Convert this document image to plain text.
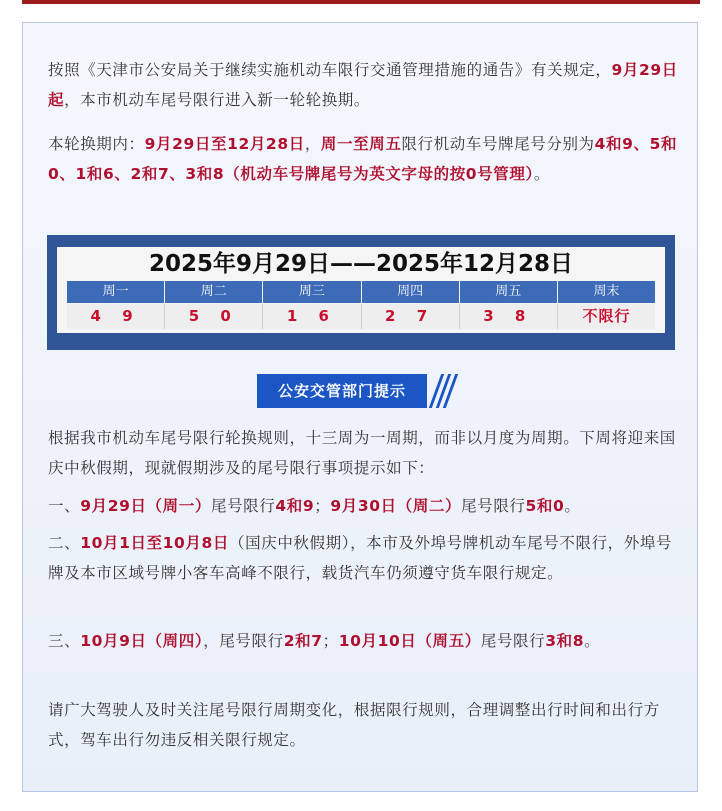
按照《天津市公安局关于继续实施机动车限行交通管理措施的通告》有关规定，9月29日起，本市机动车尾号限行进入新一轮轮换期。

本轮换期内：9月29日至12月28日，周一至周五限行机动车号牌尾号分别为4和9、5和0、1和6、2和7、3和8（机动车号牌尾号为英文字母的按0号管理）。

2025年9月29日——2025年12月28日
周一	周二	周三	周四	周五	周末
4 9	5 0	1 6	2 7	3 8	不限行
公安交管部门提示

根据我市机动车尾号限行轮换规则，十三周为一周期，而非以月度为周期。下周将迎来国庆中秋假期，现就假期涉及的尾号限行事项提示如下：

一、9月29日（周一）尾号限行4和9；9月30日（周二）尾号限行5和0。

二、10月1日至10月8日（国庆中秋假期），本市及外埠号牌机动车尾号不限行，外埠号牌及本市区域号牌小客车高峰不限行，载货汽车仍须遵守货车限行规定。

三、10月9日（周四），尾号限行2和7；10月10日（周五）尾号限行3和8。

请广大驾驶人及时关注尾号限行周期变化，根据限行规则，合理调整出行时间和出行方式，驾车出行勿违反相关限行规定。
